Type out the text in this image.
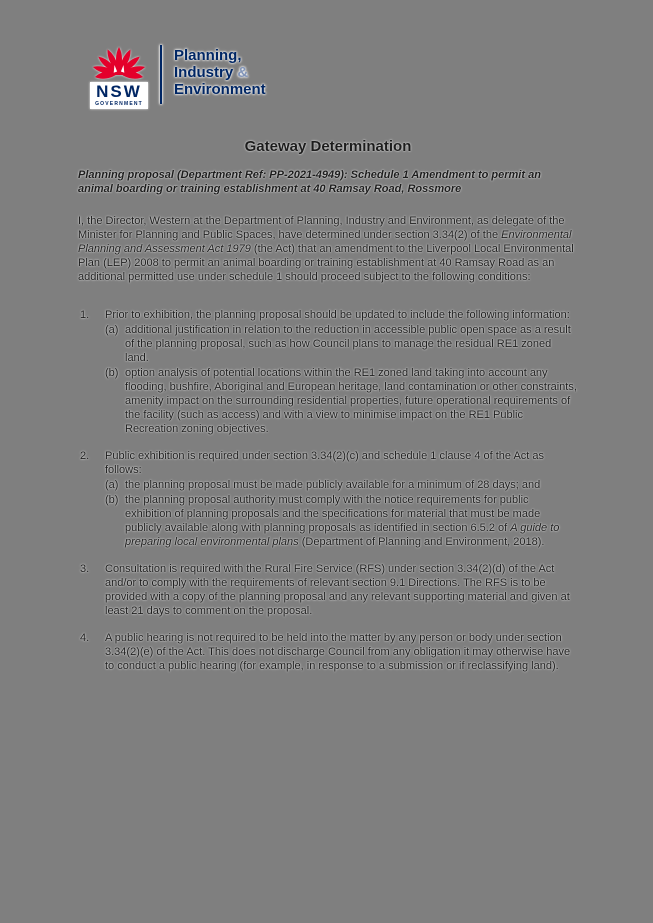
NSW
GOVERNMENT
Planning,
Industry &
Environment
Gateway Determination

Planning proposal (Department Ref: PP-2021-4949): Schedule 1 Amendment to permit an animal boarding or training establishment at 40 Ramsay Road, Rossmore

I, the Director, Western at the Department of Planning, Industry and Environment, as delegate of the Minister for Planning and Public Spaces, have determined under section 3.34(2) of the Environmental Planning and Assessment Act 1979 (the Act) that an amendment to the Liverpool Local Environmental Plan (LEP) 2008 to permit an animal boarding or training establishment at 40 Ramsay Road as an additional permitted use under schedule 1 should proceed subject to the following conditions:

1.	Prior to exhibition, the planning proposal should be updated to include the following information:
(a) additional justification in relation to the reduction in accessible public open space as a result of the planning proposal, such as how Council plans to manage the residual RE1 zoned land.
(b) option analysis of potential locations within the RE1 zoned land taking into account any flooding, bushfire, Aboriginal and European heritage, land contamination or other constraints, amenity impact on the surrounding residential properties, future operational requirements of the facility (such as access) and with a view to minimise impact on the RE1 Public Recreation zoning objectives.
2.	Public exhibition is required under section 3.34(2)(c) and schedule 1 clause 4 of the Act as follows:
(a) the planning proposal must be made publicly available for a minimum of 28 days; and
(b) the planning proposal authority must comply with the notice requirements for public exhibition of planning proposals and the specifications for material that must be made publicly available along with planning proposals as identified in section 6.5.2 of A guide to preparing local environmental plans (Department of Planning and Environment, 2018).
3.	Consultation is required with the Rural Fire Service (RFS) under section 3.34(2)(d) of the Act and/or to comply with the requirements of relevant section 9.1 Directions. The RFS is to be provided with a copy of the planning proposal and any relevant supporting material and given at least 21 days to comment on the proposal.
4.	A public hearing is not required to be held into the matter by any person or body under section 3.34(2)(e) of the Act. This does not discharge Council from any obligation it may otherwise have to conduct a public hearing (for example, in response to a submission or if reclassifying land).
